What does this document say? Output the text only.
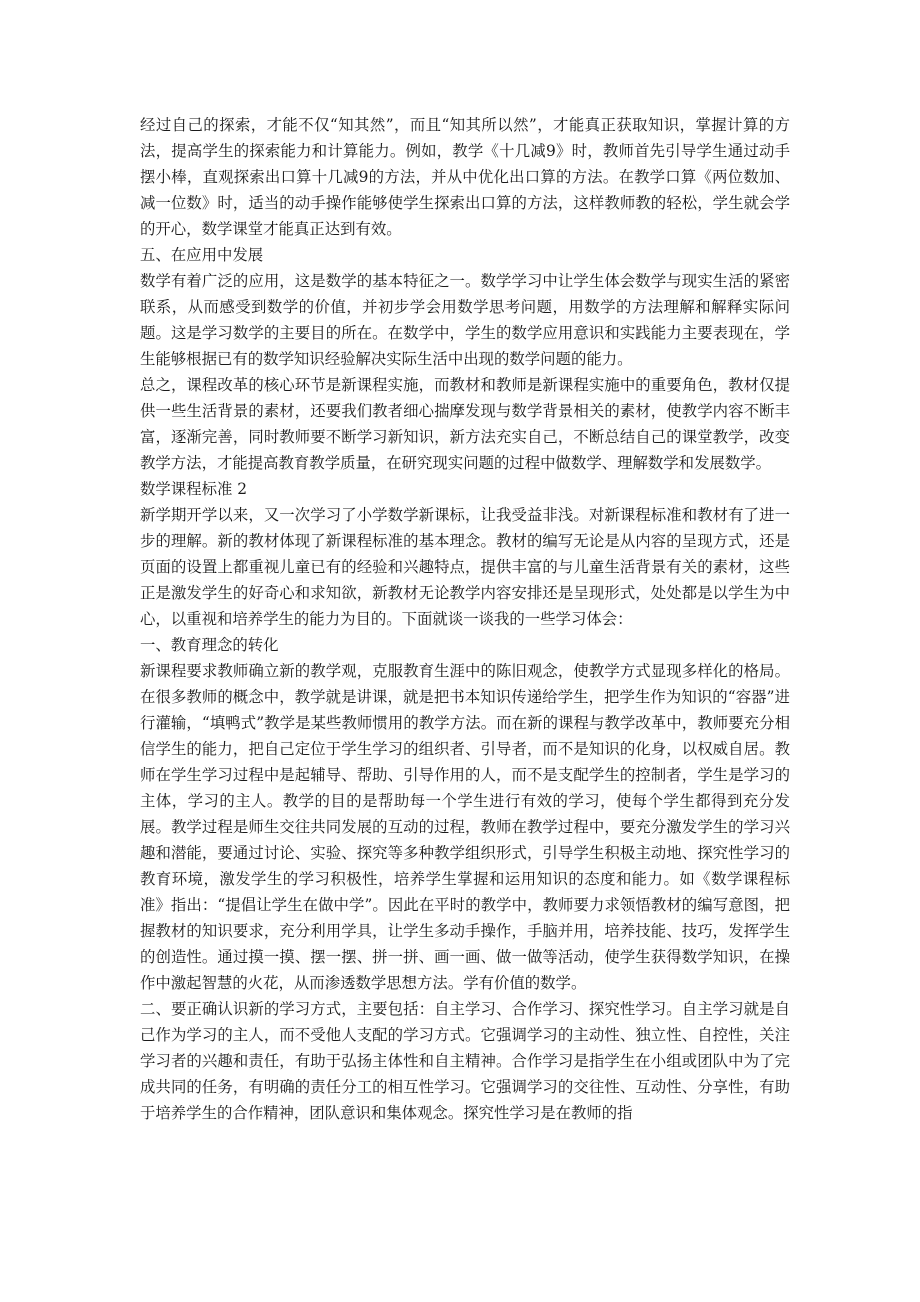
经过自己的探索，才能不仅“知其然”，而且“知其所以然”，才能真正获取知识，掌握计算的方法，提高学生的探索能力和计算能力。例如，教学《十几减9》时，教师首先引导学生通过动手摆小棒，直观探索出口算十几减9的方法，并从中优化出口算的方法。在教学口算《两位数加、减一位数》时，适当的动手操作能够使学生探索出口算的方法，这样教师教的轻松，学生就会学的开心，数学课堂才能真正达到有效。

五、在应用中发展

数学有着广泛的应用，这是数学的基本特征之一。数学学习中让学生体会数学与现实生活的紧密联系，从而感受到数学的价值，并初步学会用数学思考问题，用数学的方法理解和解释实际问题。这是学习数学的主要目的所在。在数学中，学生的数学应用意识和实践能力主要表现在，学生能够根据已有的数学知识经验解决实际生活中出现的数学问题的能力。

总之，课程改革的核心环节是新课程实施，而教材和教师是新课程实施中的重要角色，教材仅提供一些生活背景的素材，还要我们教者细心揣摩发现与数学背景相关的素材，使教学内容不断丰富，逐渐完善，同时教师要不断学习新知识，新方法充实自己，不断总结自己的课堂教学，改变教学方法，才能提高教育教学质量，在研究现实问题的过程中做数学、理解数学和发展数学。

数学课程标准 2

新学期开学以来，又一次学习了小学数学新课标，让我受益非浅。对新课程标准和教材有了进一步的理解。新的教材体现了新课程标准的基本理念。教材的编写无论是从内容的呈现方式，还是页面的设置上都重视儿童已有的经验和兴趣特点，提供丰富的与儿童生活背景有关的素材，这些正是激发学生的好奇心和求知欲，新教材无论教学内容安排还是呈现形式，处处都是以学生为中心，以重视和培养学生的能力为目的。下面就谈一谈我的一些学习体会：

一、教育理念的转化

新课程要求教师确立新的教学观，克服教育生涯中的陈旧观念，使教学方式显现多样化的格局。在很多教师的概念中，教学就是讲课，就是把书本知识传递给学生，把学生作为知识的“容器”进行灌输，“填鸭式”教学是某些教师惯用的教学方法。而在新的课程与教学改革中，教师要充分相信学生的能力，把自己定位于学生学习的组织者、引导者，而不是知识的化身，以权威自居。教师在学生学习过程中是起辅导、帮助、引导作用的人，而不是支配学生的控制者，学生是学习的主体，学习的主人。教学的目的是帮助每一个学生进行有效的学习，使每个学生都得到充分发展。教学过程是师生交往共同发展的互动的过程，教师在教学过程中，要充分激发学生的学习兴趣和潜能，要通过讨论、实验、探究等多种教学组织形式，引导学生积极主动地、探究性学习的教育环境，激发学生的学习积极性，培养学生掌握和运用知识的态度和能力。如《数学课程标准》指出：“提倡让学生在做中学”。因此在平时的教学中，教师要力求领悟教材的编写意图，把握教材的知识要求，充分利用学具，让学生多动手操作，手脑并用，培养技能、技巧，发挥学生的创造性。通过摸一摸、摆一摆、拼一拼、画一画、做一做等活动，使学生获得数学知识，在操作中激起智慧的火花，从而渗透数学思想方法。学有价值的数学。

二、要正确认识新的学习方式，主要包括：自主学习、合作学习、探究性学习。自主学习就是自己作为学习的主人，而不受他人支配的学习方式。它强调学习的主动性、独立性、自控性，关注学习者的兴趣和责任，有助于弘扬主体性和自主精神。合作学习是指学生在小组或团队中为了完成共同的任务，有明确的责任分工的相互性学习。它强调学习的交往性、互动性、分享性，有助于培养学生的合作精神，团队意识和集体观念。探究性学习是在教师的指
